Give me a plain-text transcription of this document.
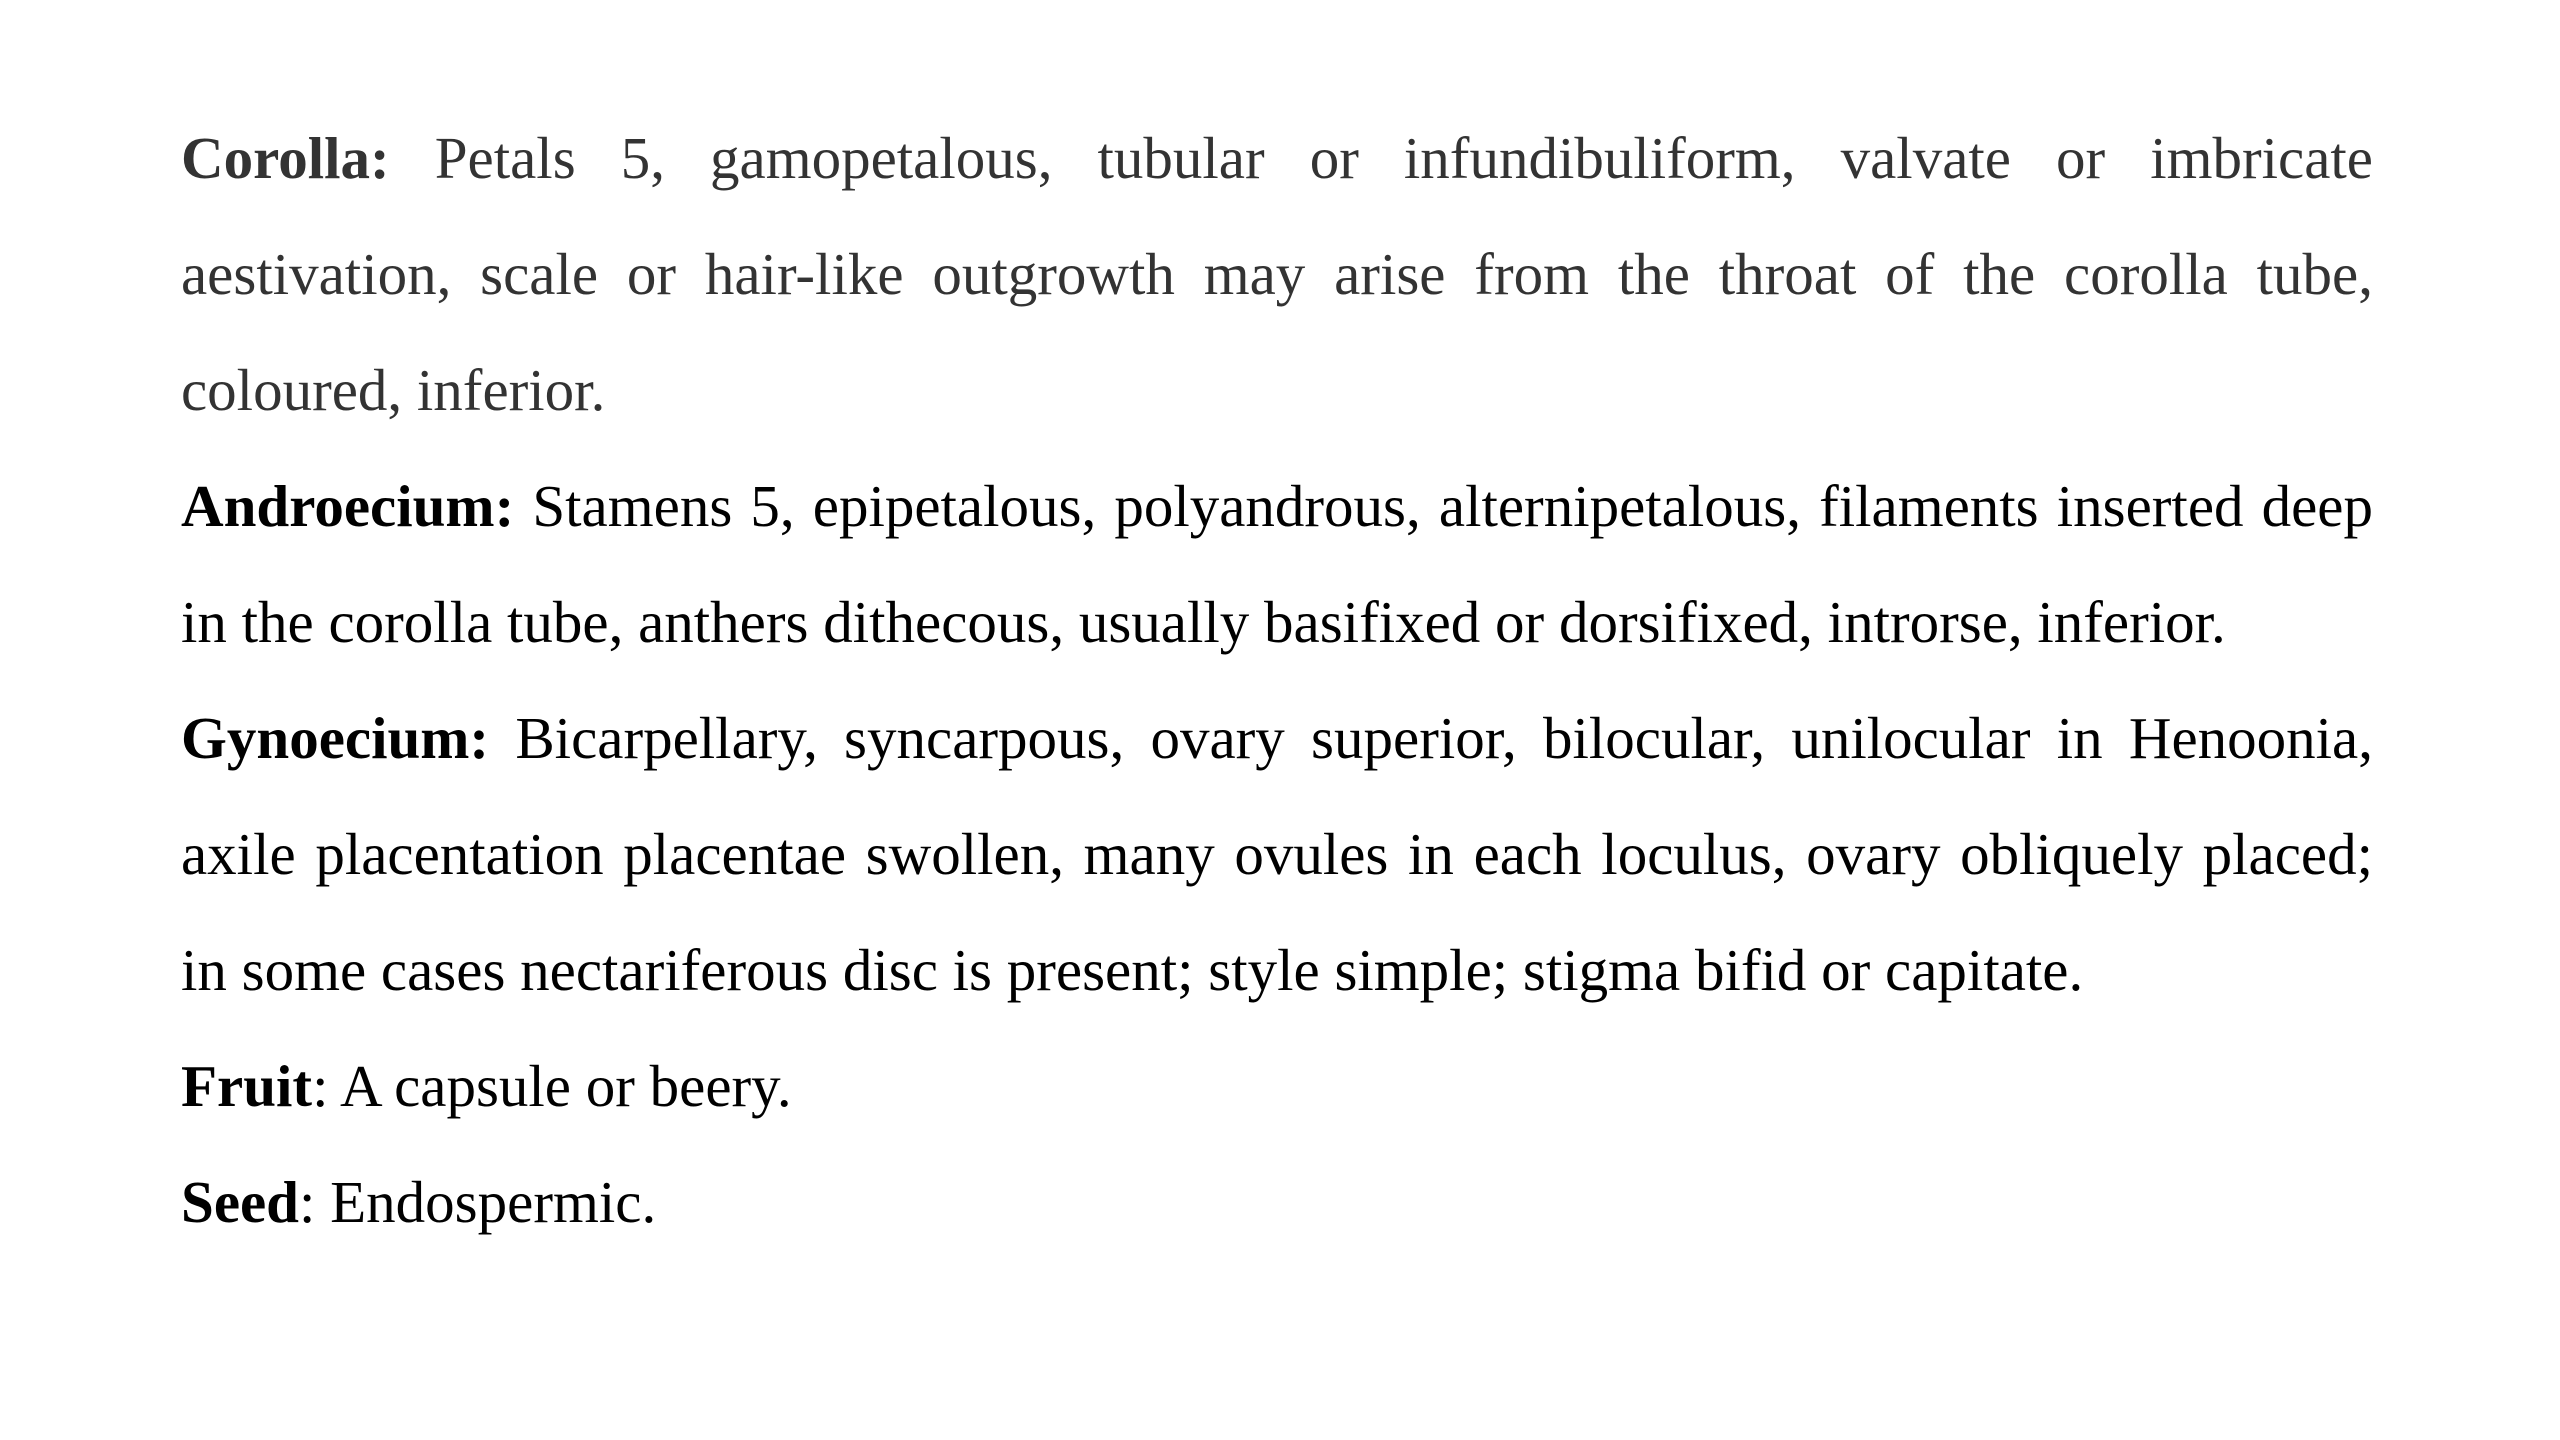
Corolla: Petals 5, gamopetalous, tubular or infundibuliform, valvate or imbricate aestivation, scale or hair-like outgrowth may arise from the throat of the corolla tube, coloured, inferior.

Androecium: Stamens 5, epipetalous, polyandrous, alternipetalous, filaments inserted deep in the corolla tube, anthers dithecous, usually basifixed or dorsifixed, introrse, inferior.

Gynoecium: Bicarpellary, syncarpous, ovary superior, bilocular, unilocular in Henoonia, axile placentation placentae swollen, many ovules in each loculus, ovary obliquely placed; in some cases nectariferous disc is present; style simple; stigma bifid or capitate.

Fruit: A capsule or beery.

Seed: Endospermic.
